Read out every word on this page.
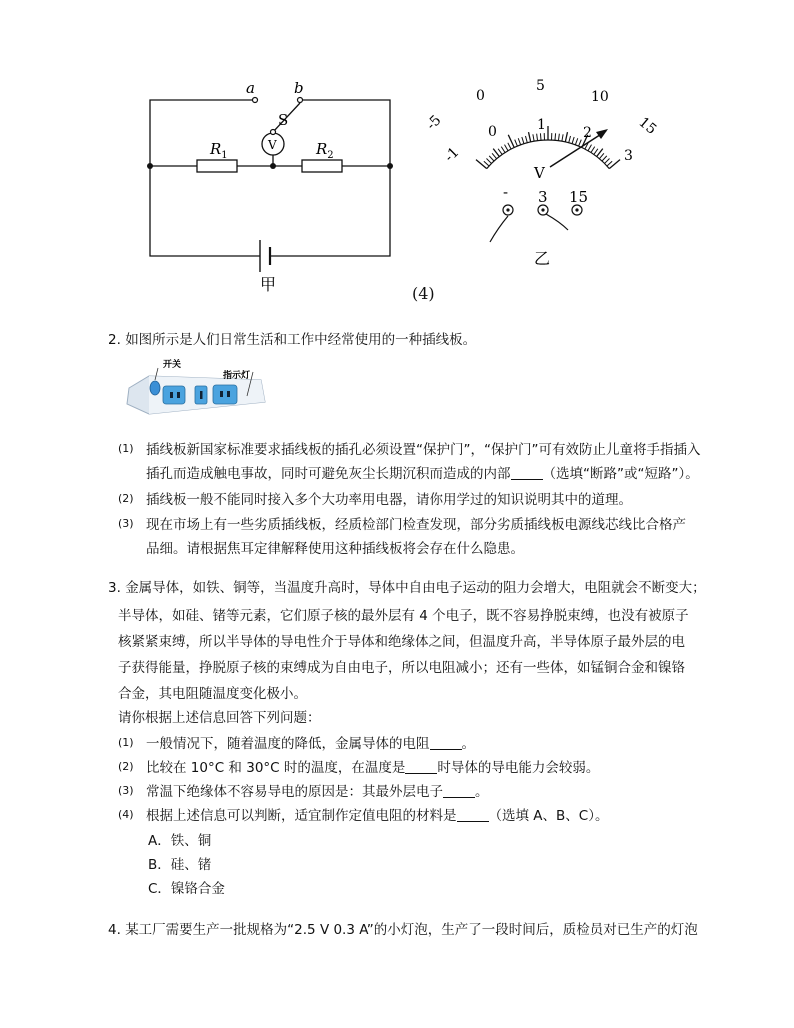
a	b
S
V
$R_1$	$R_2$
甲
-5
0
5
10
15
-1
0	1	2
3
V
- 3 15
乙
(4)
2. 如图所示是人们日常生活和工作中经常使用的一种插线板。
开关
指示灯
(1) 插线板新国家标准要求插线板的插孔必须设置“保护门”，“保护门”可有效防止儿童将手指插入
插孔而造成触电事故，同时可避免灰尘长期沉积而造成的内部 （选填“断路”或“短路”）。
(2) 插线板一般不能同时接入多个大功率用电器，请你用学过的知识说明其中的道理。
(3) 现在市场上有一些劣质插线板，经质检部门检查发现，部分劣质插线板电源线芯线比合格产
品细。请根据焦耳定律解释使用这种插线板将会存在什么隐患。
3. 金属导体，如铁、铜等，当温度升高时，导体中自由电子运动的阻力会增大，电阻就会不断变大；
半导体，如硅、锗等元素，它们原子核的最外层有 4 个电子，既不容易挣脱束缚，也没有被原子
核紧紧束缚，所以半导体的导电性介于导体和绝缘体之间，但温度升高，半导体原子最外层的电
子获得能量，挣脱原子核的束缚成为自由电子，所以电阻减小；还有一些体，如锰铜合金和镍铬
合金，其电阻随温度变化极小。
请你根据上述信息回答下列问题：
(1) 一般情况下，随着温度的降低，金属导体的电阻 。
(2) 比较在 10°C 和 30°C 时的温度，在温度是 时导体的导电能力会较弱。
(3) 常温下绝缘体不容易导电的原因是：其最外层电子 。
(4) 根据上述信息可以判断，适宜制作定值电阻的材料是 （选填 A、B、C）。
A．铁、铜
B．硅、锗
C．镍铬合金
4. 某工厂需要生产一批规格为“2.5 V 0.3 A”的小灯泡，生产了一段时间后，质检员对已生产的灯泡
